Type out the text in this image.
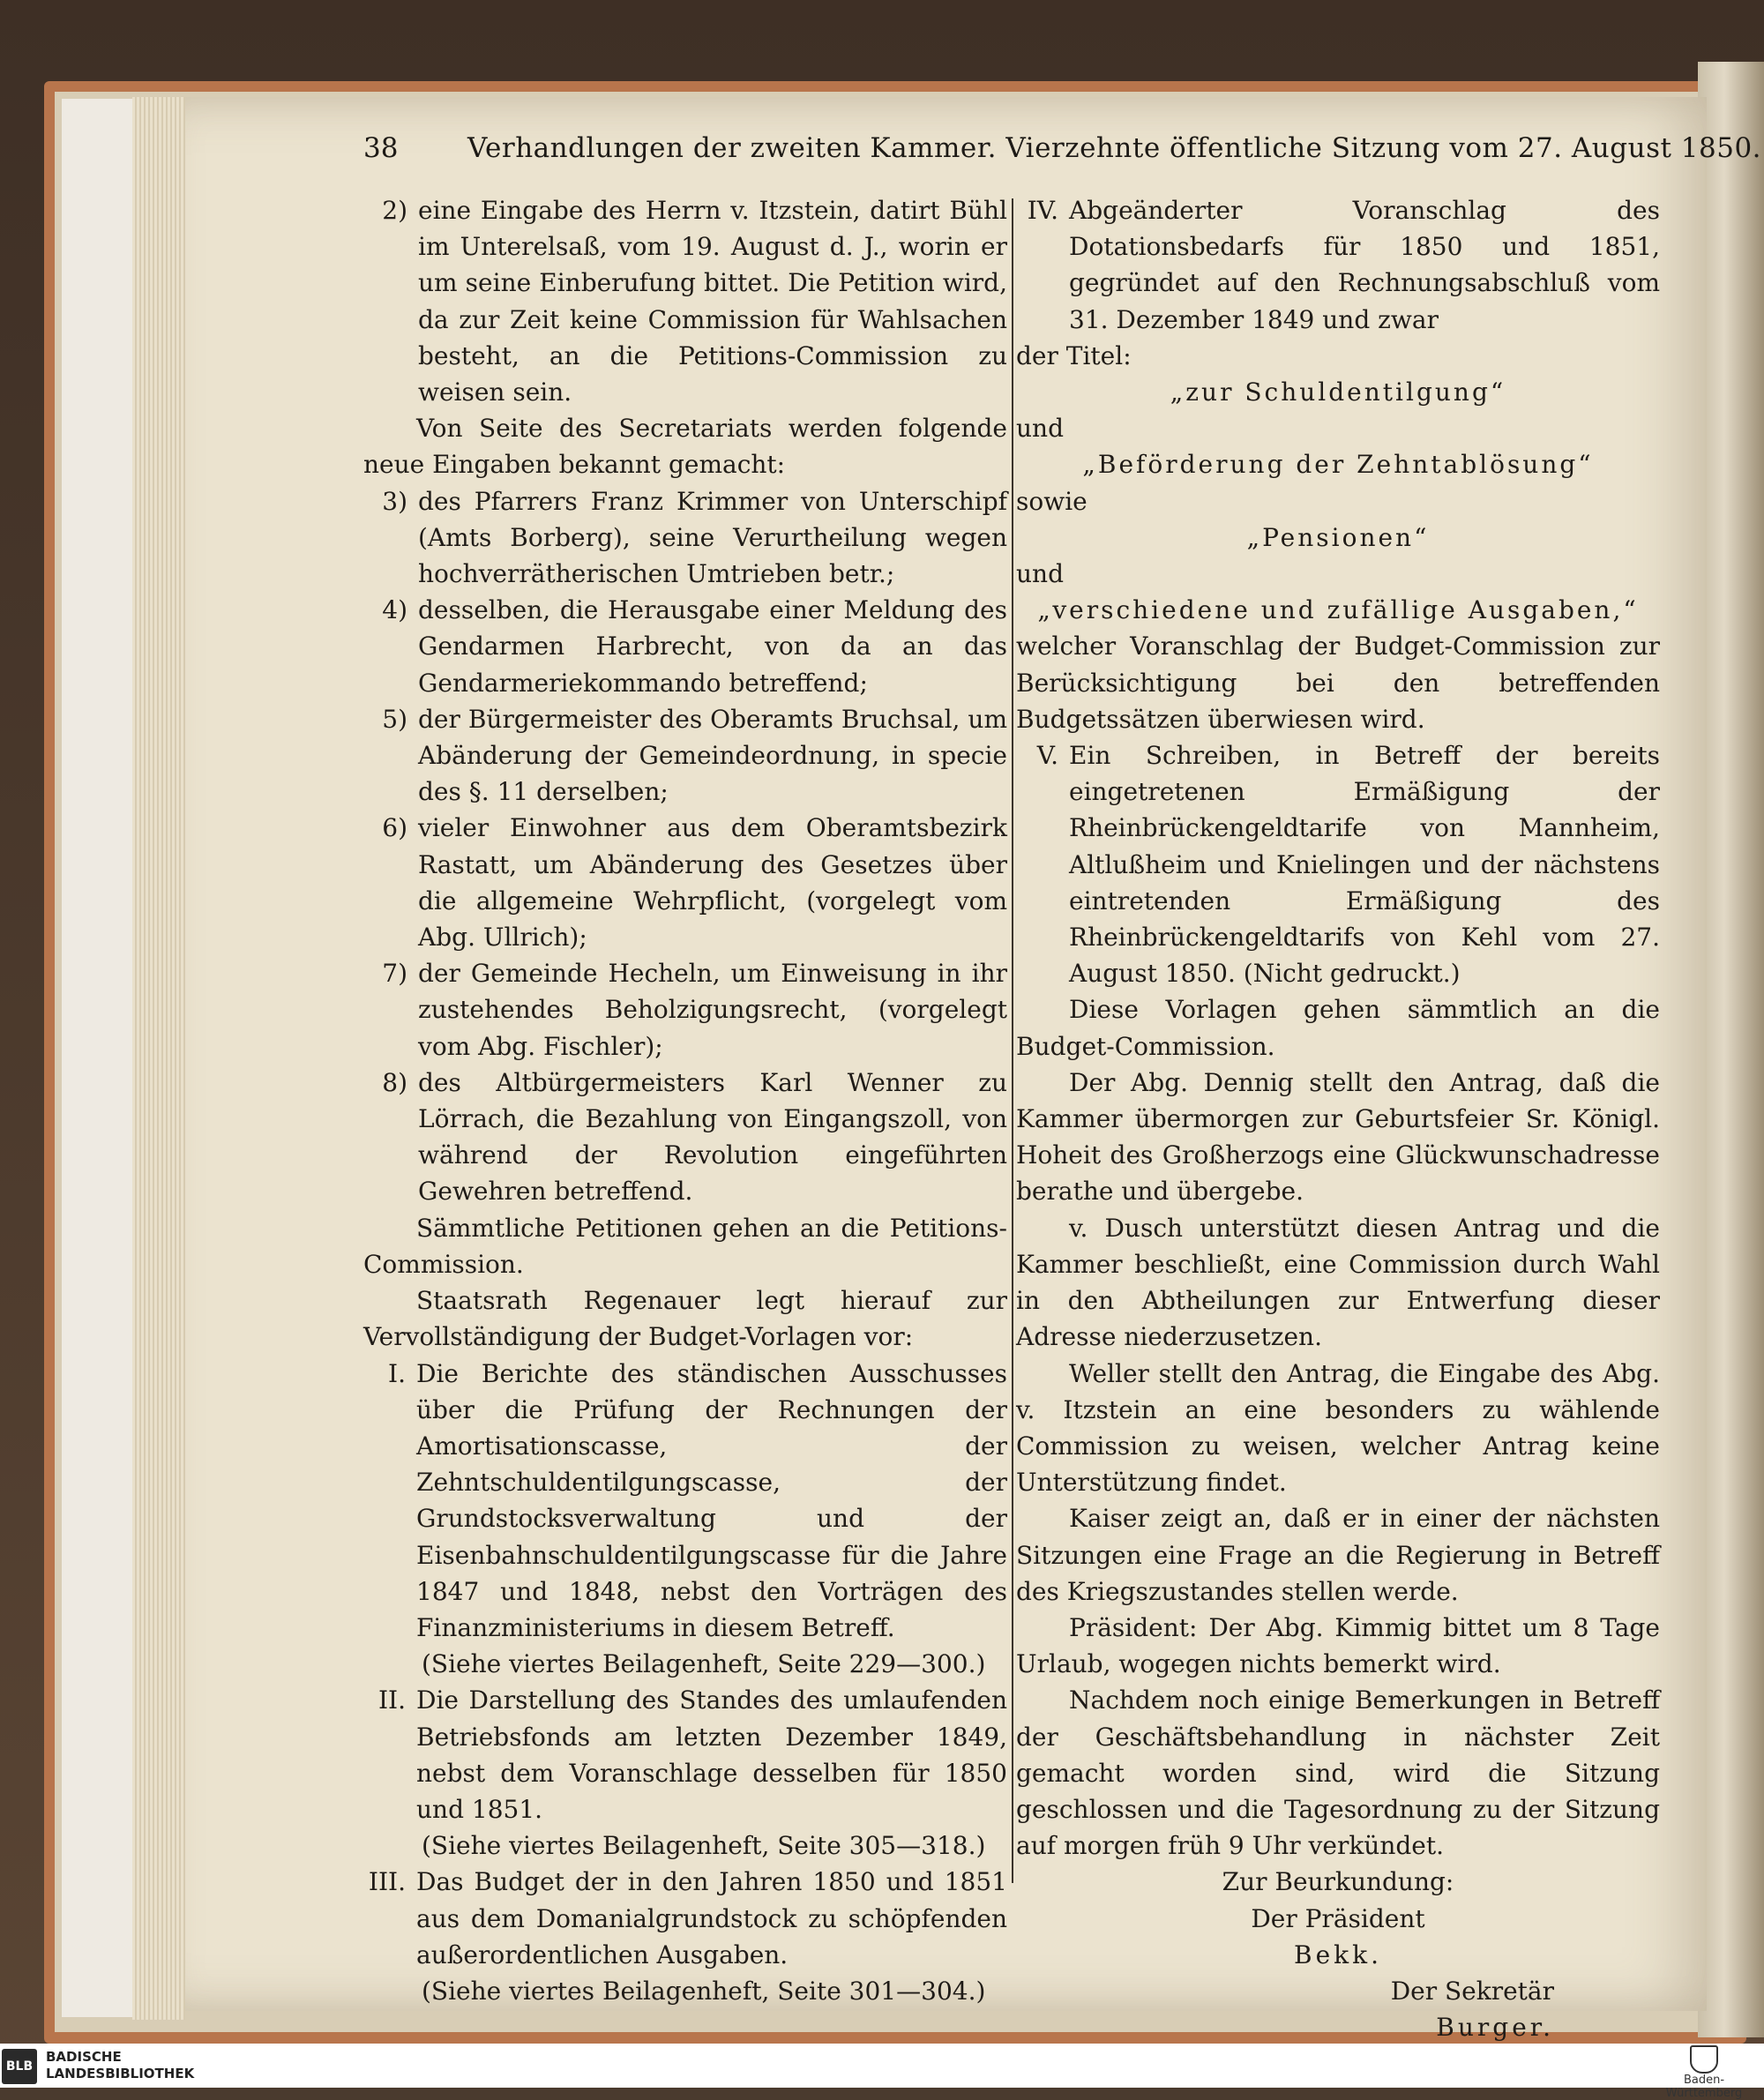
38	Verhandlungen der zweiten Kammer. Vierzehnte öffentliche Sitzung vom 27. August 1850.
2) eine Eingabe des Herrn v. Itzstein, datirt Bühl im Unterelsaß, vom 19. August d. J., worin er um seine Einberufung bittet. Die Petition wird, da zur Zeit keine Commission für Wahlsachen besteht, an die Petitions-Commission zu weisen sein.

Von Seite des Secretariats werden folgende neue Eingaben bekannt gemacht:

3) des Pfarrers Franz Krimmer von Unterschipf (Amts Borberg), seine Verurtheilung wegen hochverrätherischen Umtrieben betr.;
4) desselben, die Herausgabe einer Meldung des Gendarmen Harbrecht, von da an das Gendarmeriekommando betreffend;
5) der Bürgermeister des Oberamts Bruchsal, um Abänderung der Gemeindeordnung, in specie des §. 11 derselben;
6) vieler Einwohner aus dem Oberamtsbezirk Rastatt, um Abänderung des Gesetzes über die allgemeine Wehrpflicht, (vorgelegt vom Abg. Ullrich);
7) der Gemeinde Hecheln, um Einweisung in ihr zustehendes Beholzigungsrecht, (vorgelegt vom Abg. Fischler);
8) des Altbürgermeisters Karl Wenner zu Lörrach, die Bezahlung von Eingangszoll, von während der Revolution eingeführten Gewehren betreffend.

Sämmtliche Petitionen gehen an die Petitions-Commission.

Staatsrath Regenauer legt hierauf zur Vervollständigung der Budget-Vorlagen vor:

I. Die Berichte des ständischen Ausschusses über die Prüfung der Rechnungen der Amortisationscasse, der Zehntschuldentilgungscasse, der Grundstocksverwaltung und der Eisenbahnschuldentilgungscasse für die Jahre 1847 und 1848, nebst den Vorträgen des Finanzministeriums in diesem Betreff.

(Siehe viertes Beilagenheft, Seite 229—300.)

II. Die Darstellung des Standes des umlaufenden Betriebsfonds am letzten Dezember 1849, nebst dem Voranschlage desselben für 1850 und 1851.

(Siehe viertes Beilagenheft, Seite 305—318.)

III. Das Budget der in den Jahren 1850 und 1851 aus dem Domanialgrundstock zu schöpfenden außerordentlichen Ausgaben.

(Siehe viertes Beilagenheft, Seite 301—304.)

IV. Abgeänderter Voranschlag des Dotationsbedarfs für 1850 und 1851, gegründet auf den Rechnungsabschluß vom 31. Dezember 1849 und zwar

der Titel:

„zur Schuldentilgung“

und

„Beförderung der Zehntablösung“

sowie

„Pensionen“

und

„verschiedene und zufällige Ausgaben,“

welcher Voranschlag der Budget-Commission zur Berücksichtigung bei den betreffenden Budgetssätzen überwiesen wird.

V. Ein Schreiben, in Betreff der bereits eingetretenen Ermäßigung der Rheinbrückengeldtarife von Mannheim, Altlußheim und Knielingen und der nächstens eintretenden Ermäßigung des Rheinbrückengeldtarifs von Kehl vom 27. August 1850. (Nicht gedruckt.)

Diese Vorlagen gehen sämmtlich an die Budget-Commission.

Der Abg. Dennig stellt den Antrag, daß die Kammer übermorgen zur Geburtsfeier Sr. Königl. Hoheit des Großherzogs eine Glückwunschadresse berathe und übergebe.

v. Dusch unterstützt diesen Antrag und die Kammer beschließt, eine Commission durch Wahl in den Abtheilungen zur Entwerfung dieser Adresse niederzusetzen.

Weller stellt den Antrag, die Eingabe des Abg. v. Itzstein an eine besonders zu wählende Commission zu weisen, welcher Antrag keine Unterstützung findet.

Kaiser zeigt an, daß er in einer der nächsten Sitzungen eine Frage an die Regierung in Betreff des Kriegszustandes stellen werde.

Präsident: Der Abg. Kimmig bittet um 8 Tage Urlaub, wogegen nichts bemerkt wird.

Nachdem noch einige Bemerkungen in Betreff der Geschäftsbehandlung in nächster Zeit gemacht worden sind, wird die Sitzung geschlossen und die Tagesordnung zu der Sitzung auf morgen früh 9 Uhr verkündet.

Zur Beurkundung:

Der Präsident

Bekk.

Der Sekretär

Burger.

BLB
BADISCHE
LANDESBIBLIOTHEK	Baden-Württemberg
